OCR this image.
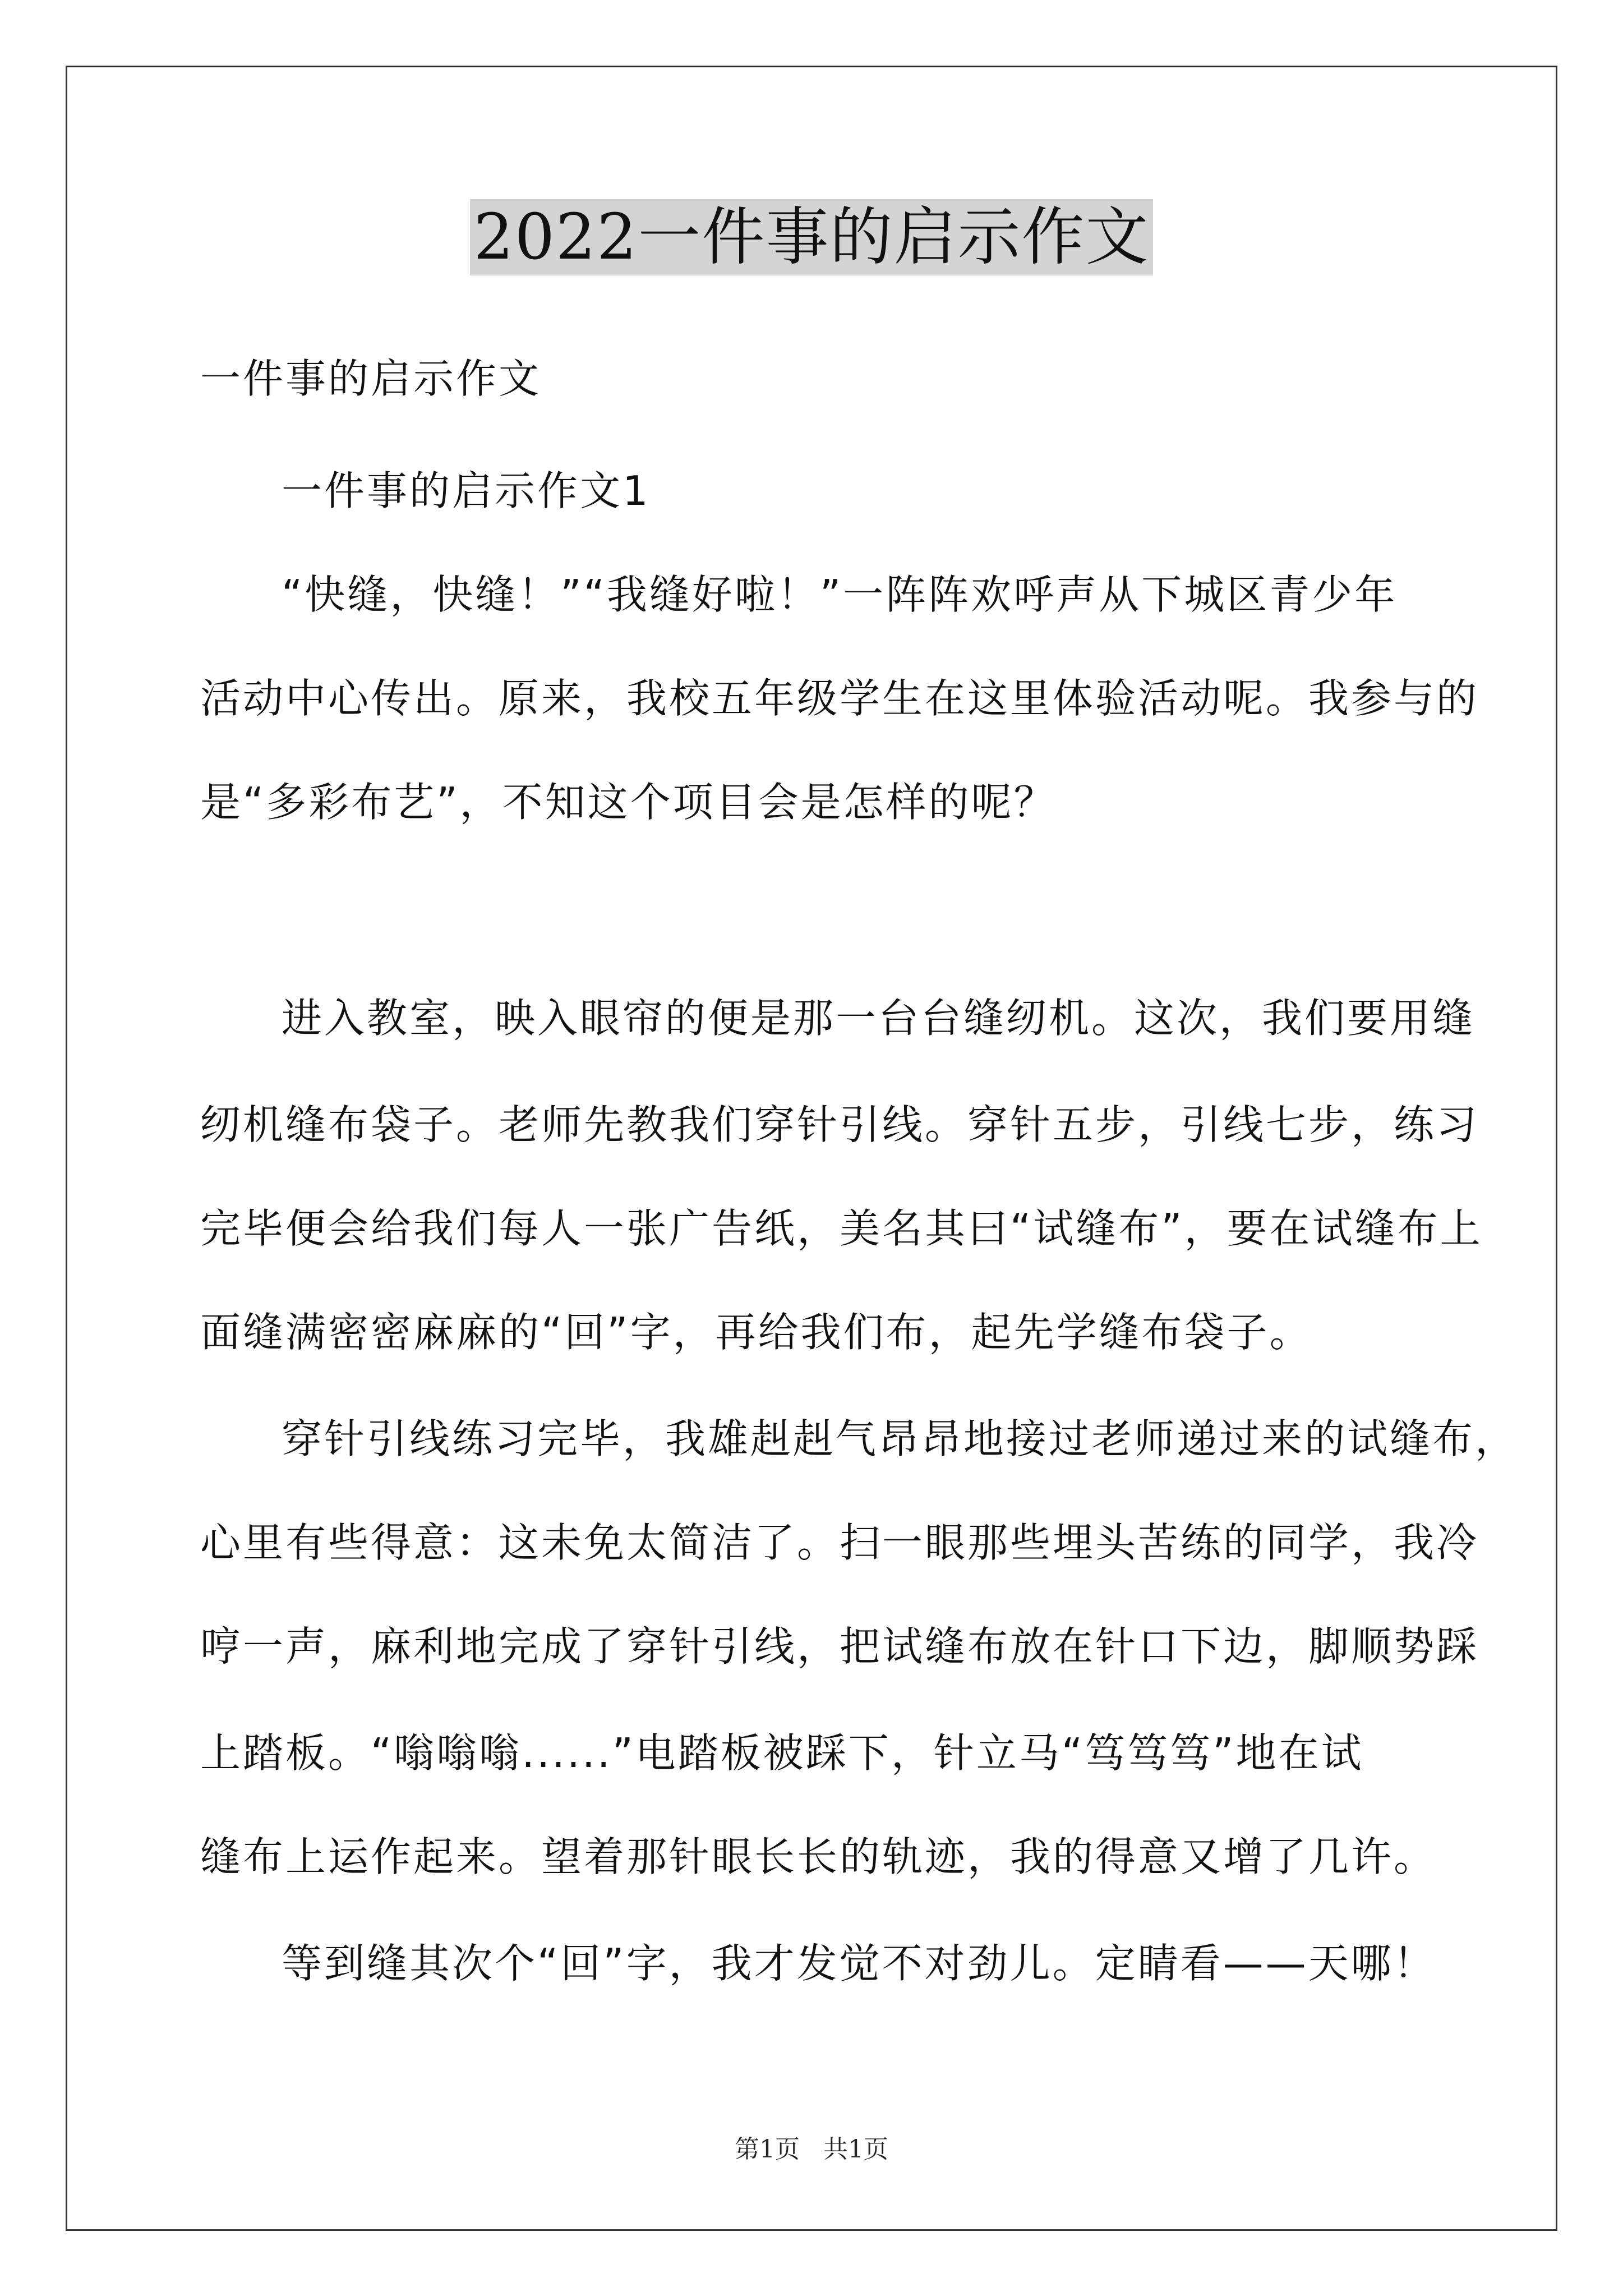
2022一件事的启示作文
一件事的启示作文
一件事的启示作文1
“快缝，快缝！”“我缝好啦！”一阵阵欢呼声从下城区青少年
活动中心传出。原来，我校五年级学生在这里体验活动呢。我参与的
是“多彩布艺”，不知这个项目会是怎样的呢？
进入教室，映入眼帘的便是那一台台缝纫机。这次，我们要用缝
纫机缝布袋子。老师先教我们穿针引线。穿针五步，引线七步，练习
完毕便会给我们每人一张广告纸，美名其曰“试缝布”，要在试缝布上
面缝满密密麻麻的“回”字，再给我们布，起先学缝布袋子。
穿针引线练习完毕，我雄赳赳气昂昂地接过老师递过来的试缝布，
心里有些得意：这未免太简洁了。扫一眼那些埋头苦练的同学，我冷
哼一声，麻利地完成了穿针引线，把试缝布放在针口下边，脚顺势踩
上踏板。“嗡嗡嗡......”电踏板被踩下，针立马“笃笃笃”地在试
缝布上运作起来。望着那针眼长长的轨迹，我的得意又增了几许。
等到缝其次个“回”字，我才发觉不对劲儿。定睛看——天哪！
第1页 共1页
